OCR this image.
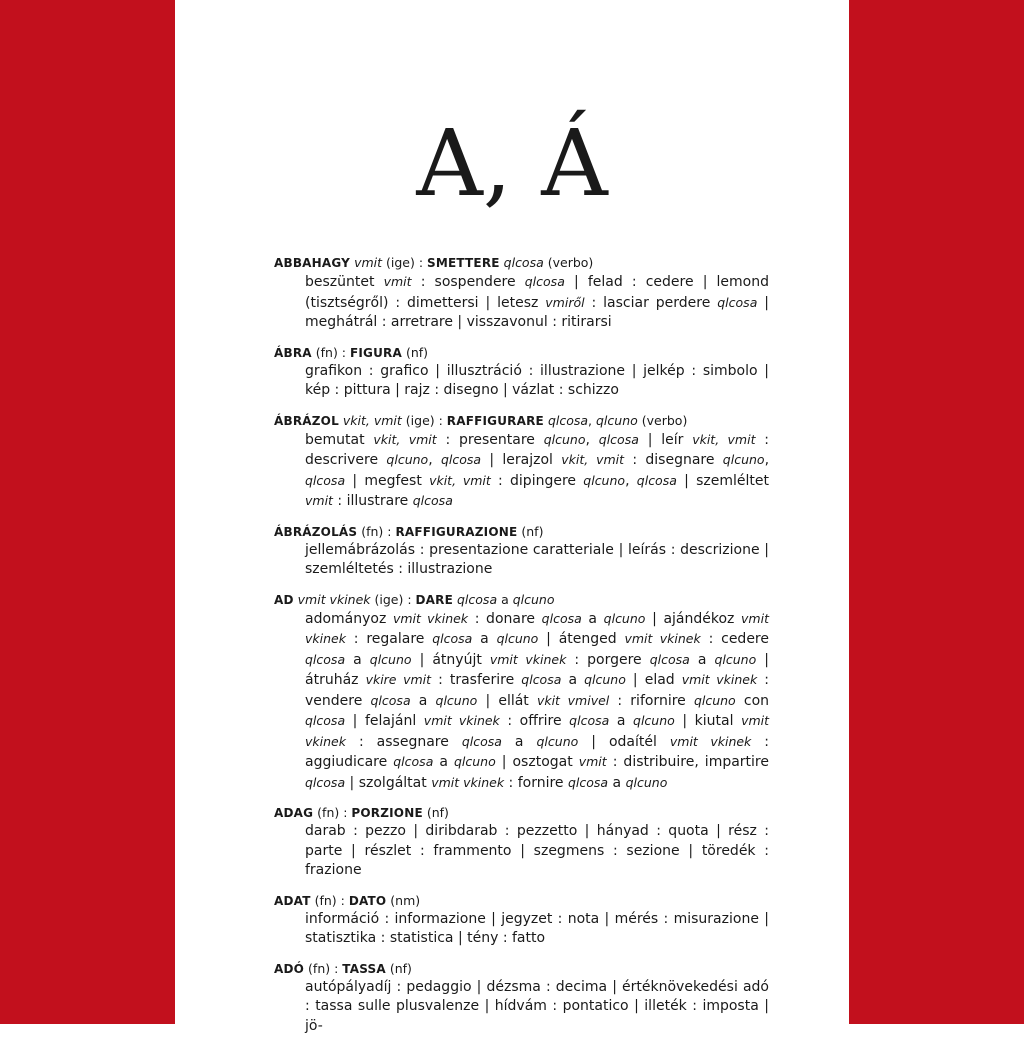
A, Á
ABBAHAGY vmit (ige) : SMETTERE qlcosa (verbo)
beszüntet vmit : sospendere qlcosa | felad : cedere | lemond (tisztségről) : dimettersi | letesz vmiről : lasciar perdere qlcosa | meghátrál : arretrare | visszavonul : ritirarsi
ÁBRA (fn) : FIGURA (nf)
grafikon : grafico | illusztráció : illustrazione | jelkép : simbolo | kép : pittura | rajz : disegno | vázlat : schizzo
ÁBRÁZOL vkit, vmit (ige) : RAFFIGURARE qlcosa, qlcuno (verbo)
bemutat vkit, vmit : presentare qlcuno, qlcosa | leír vkit, vmit : descrivere qlcuno, qlcosa | lerajzol vkit, vmit : disegnare qlcuno, qlcosa | megfest vkit, vmit : dipingere qlcuno, qlcosa | szemléltet vmit : illustrare qlcosa
ÁBRÁZOLÁS (fn) : RAFFIGURAZIONE (nf)
jellemábrázolás : presentazione caratteriale | leírás : descrizione | szemléltetés : illustrazione
AD vmit vkinek (ige) : DARE qlcosa a qlcuno
adományoz vmit vkinek : donare qlcosa a qlcuno | ajándékoz vmit vkinek : regalare qlcosa a qlcuno | átenged vmit vkinek : cedere qlcosa a qlcuno | átnyújt vmit vkinek : porgere qlcosa a qlcuno | átruház vkire vmit : trasferire qlcosa a qlcuno | elad vmit vkinek : vendere qlcosa a qlcuno | ellát vkit vmivel : rifornire qlcuno con qlcosa | felajánl vmit vkinek : offrire qlcosa a qlcuno | kiutal vmit vkinek : assegnare qlcosa a qlcuno | odaítél vmit vkinek : aggiudicare qlcosa a qlcuno | osztogat vmit : distribuire, impartire qlcosa | szolgáltat vmit vkinek : fornire qlcosa a qlcuno
ADAG (fn) : PORZIONE (nf)
darab : pezzo | diribdarab : pezzetto | hányad : quota | rész : parte | részlet : frammento | szegmens : sezione | töredék : frazione
ADAT (fn) : DATO (nm)
információ : informazione | jegyzet : nota | mérés : misurazione | statisztika : statistica | tény : fatto
ADÓ (fn) : TASSA (nf)
autópályadíj : pedaggio | dézsma : decima | értéknövekedési adó : tassa sulle plusvalenze | hídvám : pontatico | illeték : imposta | jö-
